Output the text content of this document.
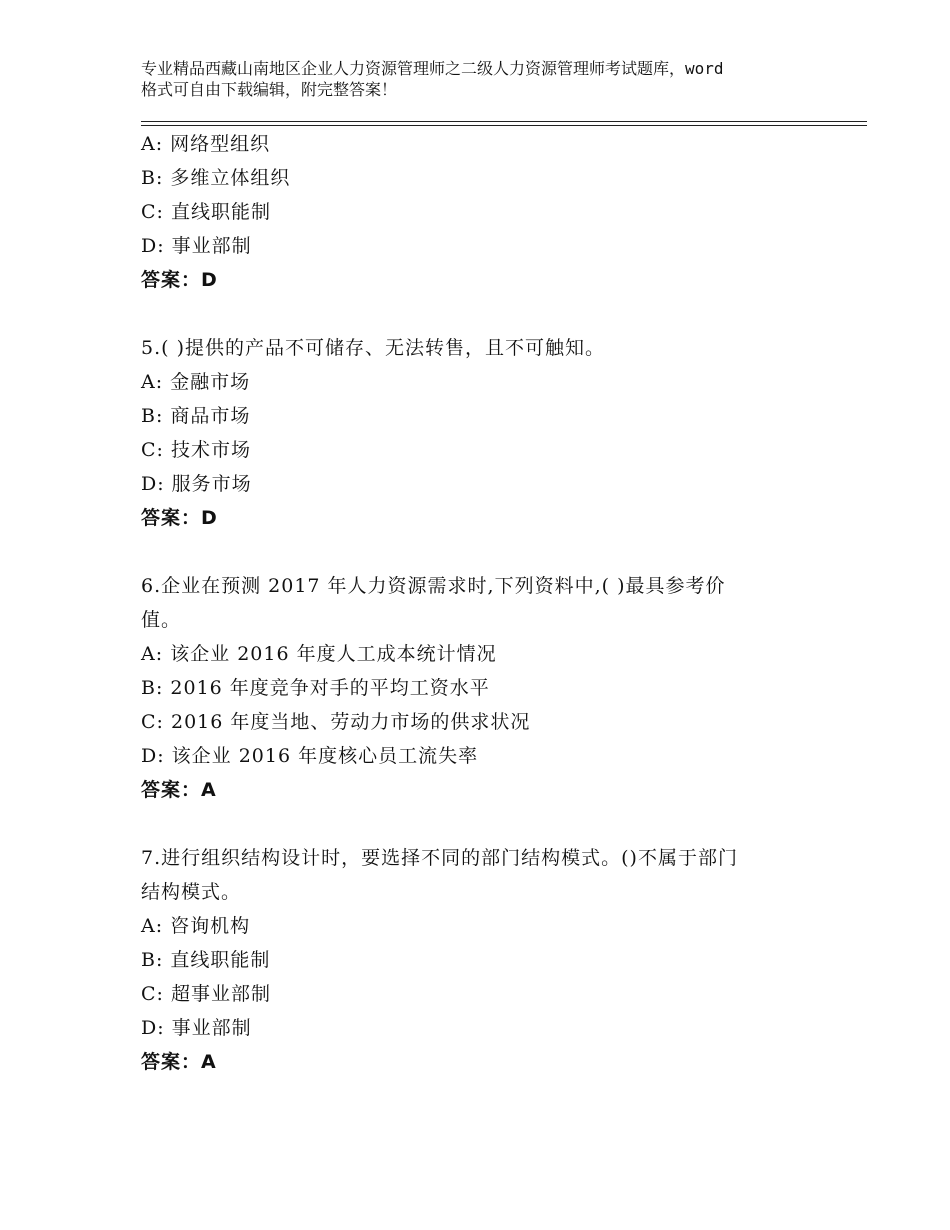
专业精品西藏山南地区企业人力资源管理师之二级人力资源管理师考试题库，word
格式可自由下载编辑，附完整答案！
A: 网络型组织
B: 多维立体组织
C: 直线职能制
D: 事业部制
答案：D
5.( )提供的产品不可储存、无法转售，且不可触知。
A: 金融市场
B: 商品市场
C: 技术市场
D: 服务市场
答案：D
6.企业在预测 2017 年人力资源需求时,下列资料中,( )最具参考价
值。
A: 该企业 2016 年度人工成本统计情况
B: 2016 年度竞争对手的平均工资水平
C: 2016 年度当地、劳动力市场的供求状况
D: 该企业 2016 年度核心员工流失率
答案：A
7.进行组织结构设计时，要选择不同的部门结构模式。()不属于部门
结构模式。
A: 咨询机构
B: 直线职能制
C: 超事业部制
D: 事业部制
答案：A
